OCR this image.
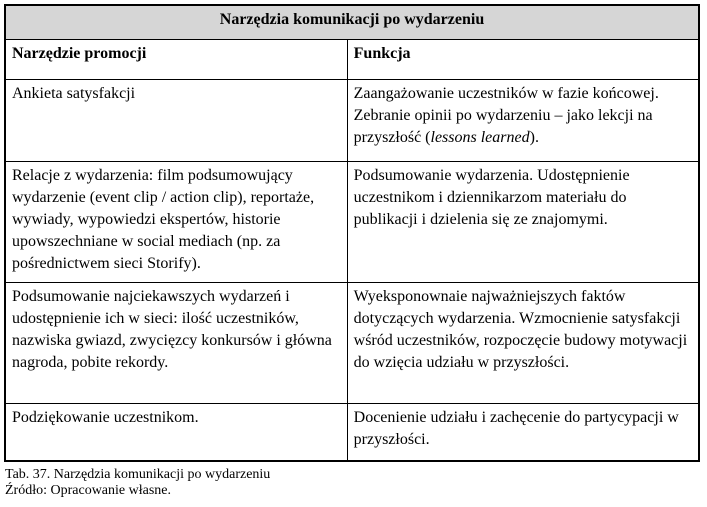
Narzędzia komunikacji po wydarzeniu	
Narzędzie promocji	Funkcja
Ankieta satysfakcji	Zaangażowanie uczestników w fazie końcowej. Zebranie opinii po wydarzeniu – jako lekcji na przyszłość (lessons learned).
Relacje z wydarzenia: film podsumowujący wydarzenie (event clip / action clip), reportaże, wywiady, wypowiedzi ekspertów, historie upowszechniane w social mediach (np. za pośrednictwem sieci Storify).	Podsumowanie wydarzenia. Udostępnienie uczestnikom i dziennikarzom materiału do publikacji i dzielenia się ze znajomymi.
Podsumowanie najciekawszych wydarzeń i udostępnienie ich w sieci: ilość uczestników, nazwiska gwiazd, zwycięzcy konkursów i główna nagroda, pobite rekordy.	Wyeksponownaie najważniejszych faktów dotyczących wydarzenia. Wzmocnienie satysfakcji wśród uczestników, rozpoczęcie budowy motywacji do wzięcia udziału w przyszłości.
Podziękowanie uczestnikom.	Docenienie udziału i zachęcenie do partycypacji w przyszłości.
Tab. 37. Narzędzia komunikacji po wydarzeniu
Źródło: Opracowanie własne.
